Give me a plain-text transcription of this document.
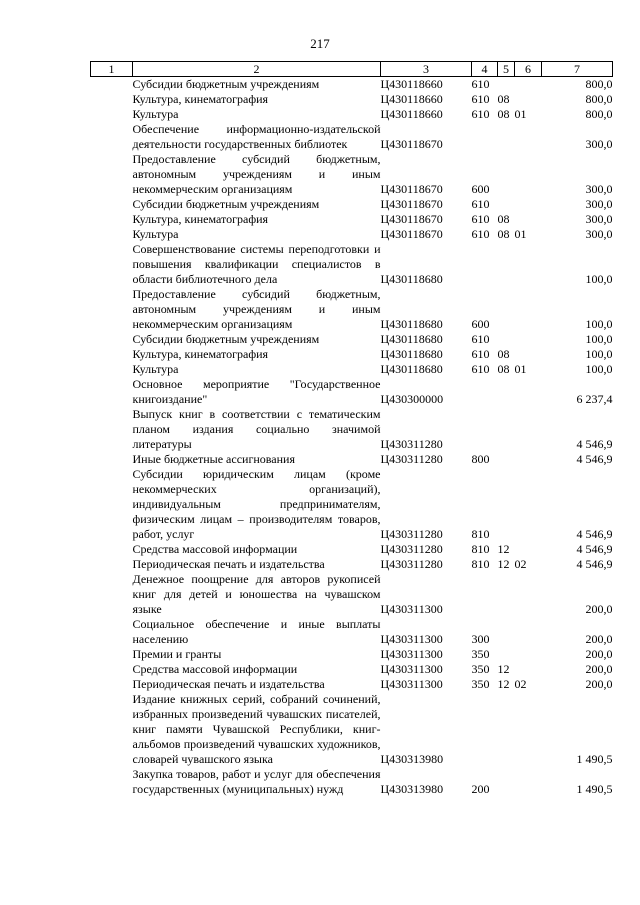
217
1	2	3	4	5	6	7
	Субсидии бюджетным учреждениям	Ц430118660	610			800,0
	Культура, кинематография	Ц430118660	610	08		800,0
	Культура	Ц430118660	610	08	01	800,0
	Обеспечение информационно-издательской деятельности государственных библиотек	Ц430118670				300,0
	Предоставление субсидий бюджетным, автономным учреждениям и иным некоммерческим организациям	Ц430118670	600			300,0
	Субсидии бюджетным учреждениям	Ц430118670	610			300,0
	Культура, кинематография	Ц430118670	610	08		300,0
	Культура	Ц430118670	610	08	01	300,0
	Совершенствование системы переподготовки и повышения квалификации специалистов в области библиотечного дела	Ц430118680				100,0
	Предоставление субсидий бюджетным, автономным учреждениям и иным некоммерческим организациям	Ц430118680	600			100,0
	Субсидии бюджетным учреждениям	Ц430118680	610			100,0
	Культура, кинематография	Ц430118680	610	08		100,0
	Культура	Ц430118680	610	08	01	100,0
	Основное мероприятие "Государственное книгоиздание"	Ц430300000				6 237,4
	Выпуск книг в соответствии с тематическим планом издания социально значимой литературы	Ц430311280				4 546,9
	Иные бюджетные ассигнования	Ц430311280	800			4 546,9
	Субсидии юридическим лицам (кроме некоммерческих организаций), индивидуальным предпринимателям, физическим лицам – производителям товаров, работ, услуг	Ц430311280	810			4 546,9
	Средства массовой информации	Ц430311280	810	12		4 546,9
	Периодическая печать и издательства	Ц430311280	810	12	02	4 546,9
	Денежное поощрение для авторов рукописей книг для детей и юношества на чувашском языке	Ц430311300				200,0
	Социальное обеспечение и иные выплаты населению	Ц430311300	300			200,0
	Премии и гранты	Ц430311300	350			200,0
	Средства массовой информации	Ц430311300	350	12		200,0
	Периодическая печать и издательства	Ц430311300	350	12	02	200,0
	Издание книжных серий, собраний сочинений, избранных произведений чувашских писателей, книг памяти Чувашской Республики, книг-альбомов произведений чувашских художников, словарей чувашского языка	Ц430313980				1 490,5
	Закупка товаров, работ и услуг для обеспечения государственных (муниципальных) нужд	Ц430313980	200			1 490,5
